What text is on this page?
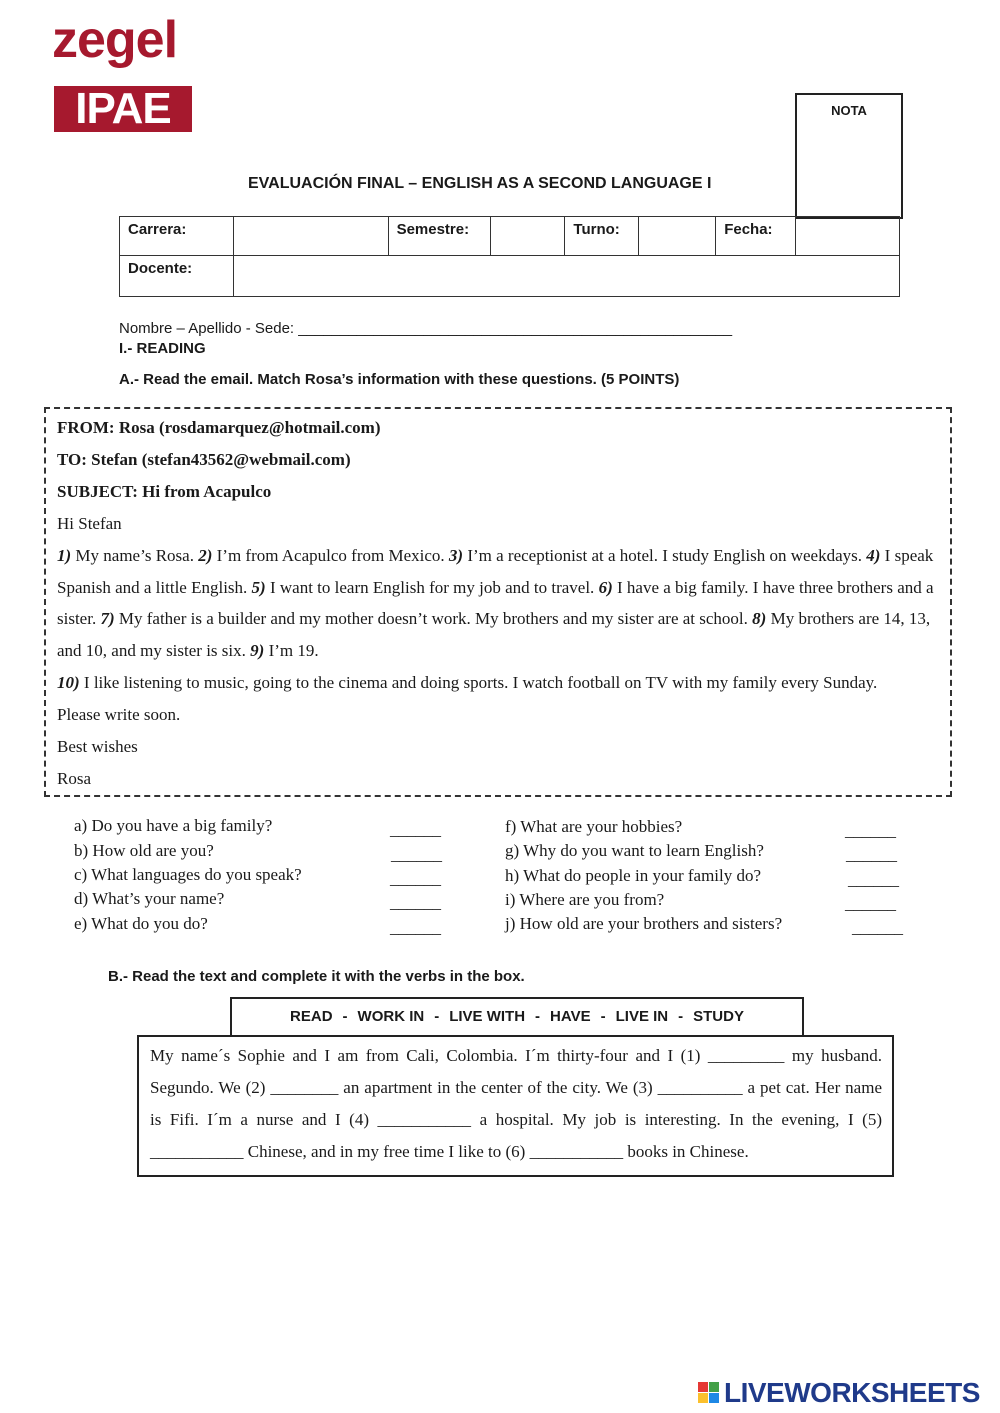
zegel
IPAE	NOTA
EVALUACIÓN FINAL – ENGLISH AS A SECOND LANGUAGE I
Carrera:		Semestre:		Turno:		Fecha:	
Docente:							
Nombre – Apellido - Sede: ____________________________________________________
I.- READING
A.- Read the email. Match Rosa’s information with these questions. (5 POINTS)

FROM: Rosa (rosdamarquez@hotmail.com)

TO: Stefan (stefan43562@webmail.com)

SUBJECT: Hi from Acapulco

Hi Stefan

1) My name’s Rosa. 2) I’m from Acapulco from Mexico. 3) I’m a receptionist at a hotel. I study English on weekdays. 4) I speak Spanish and a little English. 5) I want to learn English for my job and to travel. 6) I have a big family. I have three brothers and a sister. 7) My father is a builder and my mother doesn’t work. My brothers and my sister are at school. 8) My brothers are 14, 13, and 10, and my sister is six. 9) I’m 19.
10) I like listening to music, going to the cinema and doing sports. I watch football on TV with my family every Sunday.

Please write soon.

Best wishes

Rosa

a) Do you have a big family?
b) How old are you?
c) What languages do you speak?
d) What’s your name?
e) What do you do?
______
______
______
______
______
f) What are your hobbies?
g) Why do you want to learn English?
h) What do people in your family do?
i) Where are you from?
j) How old are your brothers and sisters?
______
______
______
______
______
B.- Read the text and complete it with the verbs in the box.
READ - WORK IN - LIVE WITH - HAVE - LIVE IN - STUDY
My name´s Sophie and I am from Cali, Colombia. I´m thirty-four and I (1) _________ my husband. Segundo. We (2) ________ an apartment in the center of the city. We (3) __________ a pet cat. Her name is Fifi. I´m a nurse and I (4) ___________ a hospital. My job is interesting. In the evening, I (5) ___________ Chinese, and in my free time I like to (6) ___________ books in Chinese.
LIVEWORKSHEETS
